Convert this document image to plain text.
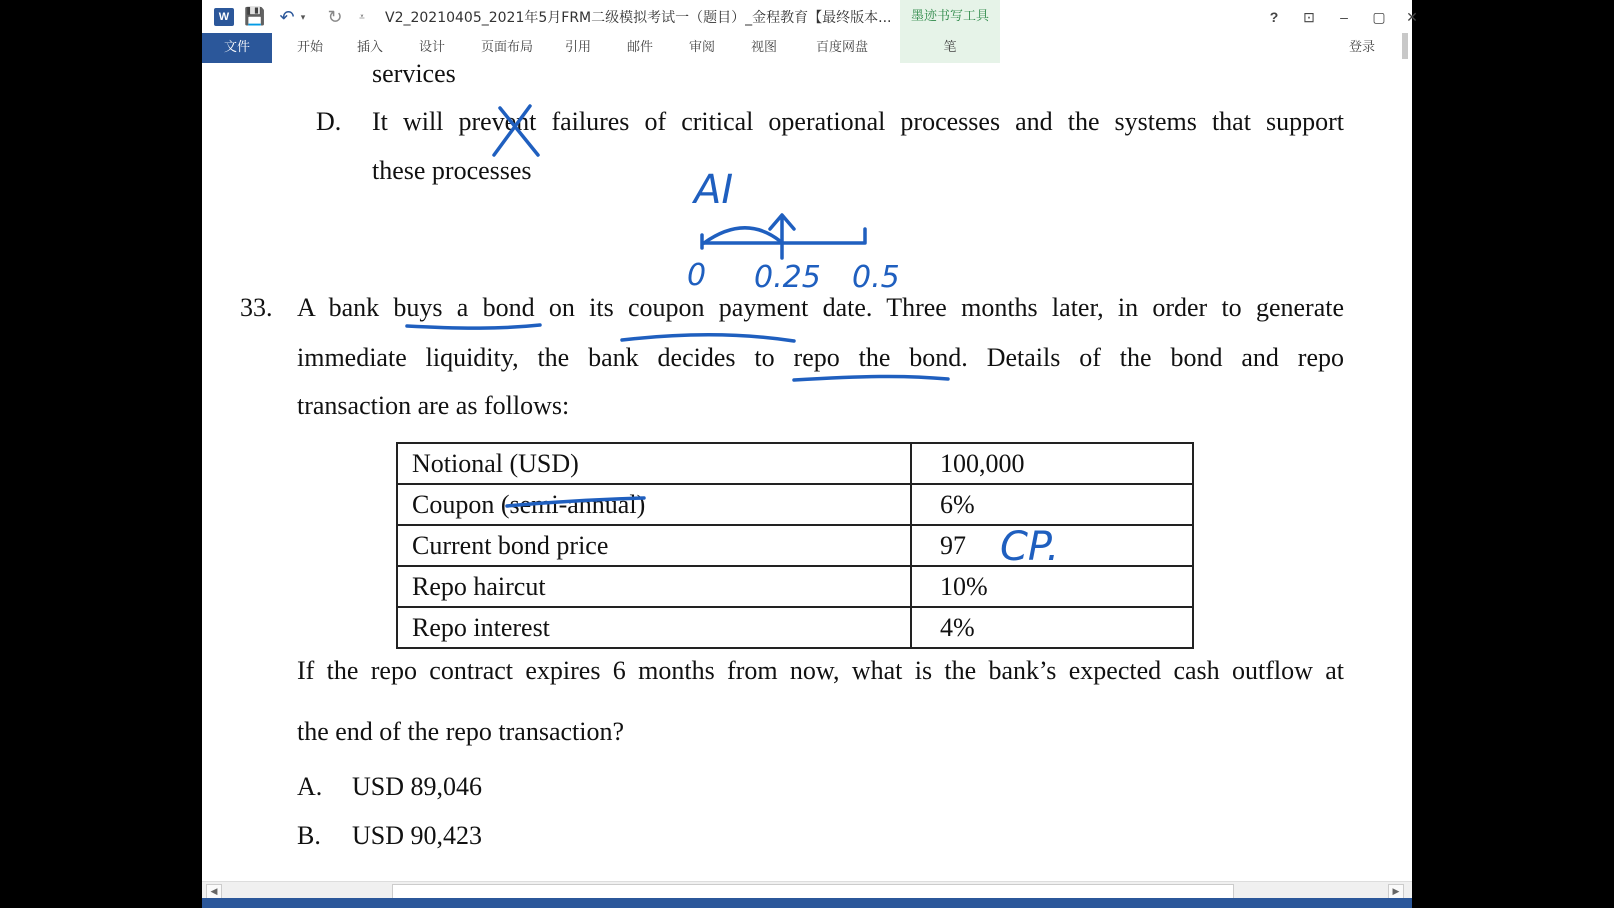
W 💾 ↶ ▾ ↻	⩡ V2_20210405_2021年5月FRM二级模拟考试一（题目）_金程教育【最终版本...	墨迹书写工具	?	⊡	–	▢	✕
文件	开始	插入	设计	页面布局	引用	邮件	审阅	视图	百度网盘	笔	登录
services
D. It will prevent failures of critical operational processes and the systems that support
these processes
33. A bank buys a bond on its coupon payment date. Three months later, in order to generate
immediate liquidity, the bank decides to repo the bond. Details of the bond and repo
transaction are as follows:
Notional (USD)	100,000
Coupon (semi-annual)	6%
Current bond price	97
Repo haircut	10%
Repo interest	4%
If the repo contract expires 6 months from now, what is the bank’s expected cash outflow at
the end of the repo transaction?
A. USD 89,046
B. USD 90,423
AI
0 0.25 0.5
CP.
◀	▶
